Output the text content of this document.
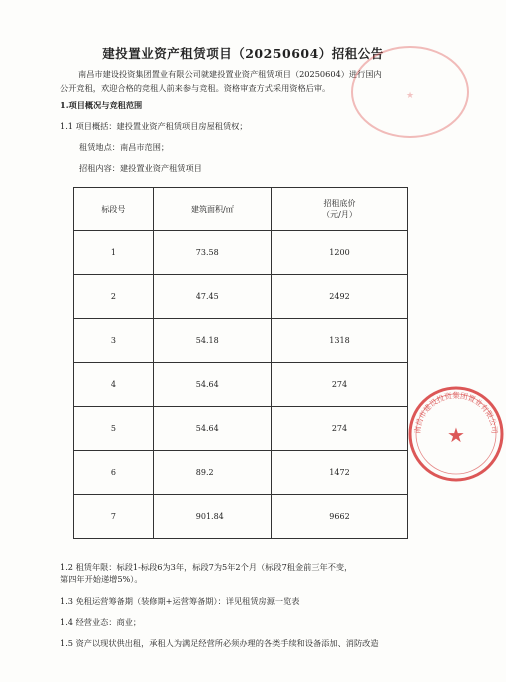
建投置业资产租赁项目（20250604）招租公告
南昌市建设投资集团置业有限公司就建投置业资产租赁项目（20250604）进行国内
公开竞租，欢迎合格的竞租人前来参与竞租。资格审查方式采用资格后审。
1.项目概况与竞租范围
1.1 项目概括：建投置业资产租赁项目房屋租赁权；
租赁地点：南昌市范围；
招租内容：建投置业资产租赁项目
标段号	建筑面积/㎡	招租底价
（元/月）
1	73.58	1200
2	47.45	2492
3	54.18	1318
4	54.64	274
5	54.64	274
6	89.2	1472
7	901.84	9662
1.2 租赁年限：标段1-标段6为3年，标段7为5年2个月（标段7租金前三年不变，
第四年开始递增5%）。
1.3 免租运营筹备期（装修期+运营筹备期）：详见租赁房源一览表
1.4 经营业态：商业；
1.5 资产以现状供出租，承租人为满足经营所必须办理的各类手续和设备添加、消防改造
★
★
南昌市建设投资集团置业有限公司
